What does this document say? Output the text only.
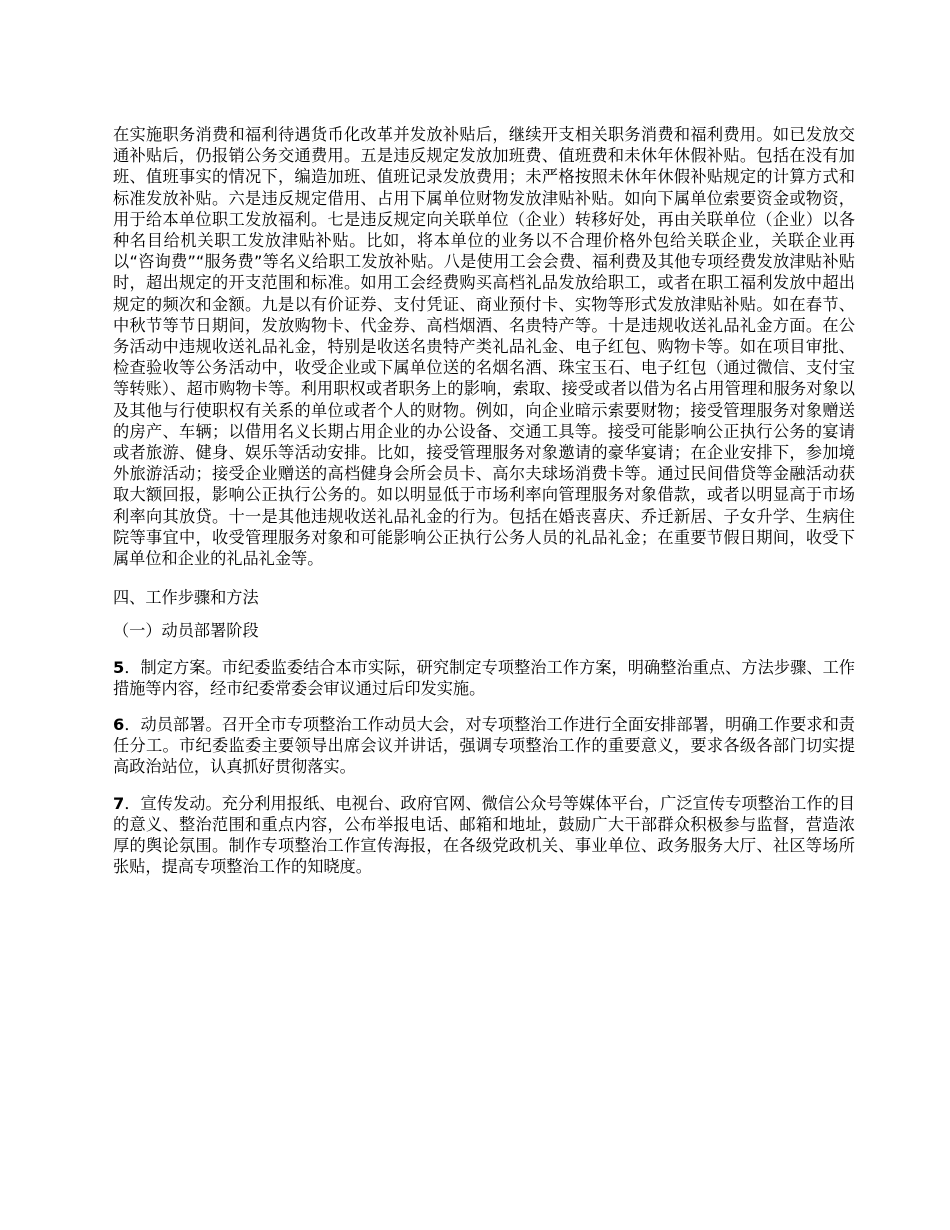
在实施职务消费和福利待遇货币化改革并发放补贴后，继续开支相关职务消费和福利费用。如已发放交通补贴后，仍报销公务交通费用。五是违反规定发放加班费、值班费和未休年休假补贴。包括在没有加班、值班事实的情况下，编造加班、值班记录发放费用；未严格按照未休年休假补贴规定的计算方式和标准发放补贴。六是违反规定借用、占用下属单位财物发放津贴补贴。如向下属单位索要资金或物资，用于给本单位职工发放福利。七是违反规定向关联单位（企业）转移好处，再由关联单位（企业）以各种名目给机关职工发放津贴补贴。比如，将本单位的业务以不合理价格外包给关联企业，关联企业再以“咨询费”“服务费”等名义给职工发放补贴。八是使用工会会费、福利费及其他专项经费发放津贴补贴时，超出规定的开支范围和标准。如用工会经费购买高档礼品发放给职工，或者在职工福利发放中超出规定的频次和金额。九是以有价证券、支付凭证、商业预付卡、实物等形式发放津贴补贴。如在春节、中秋节等节日期间，发放购物卡、代金券、高档烟酒、名贵特产等。十是违规收送礼品礼金方面。在公务活动中违规收送礼品礼金，特别是收送名贵特产类礼品礼金、电子红包、购物卡等。如在项目审批、检查验收等公务活动中，收受企业或下属单位送的名烟名酒、珠宝玉石、电子红包（通过微信、支付宝等转账）、超市购物卡等。利用职权或者职务上的影响，索取、接受或者以借为名占用管理和服务对象以及其他与行使职权有关系的单位或者个人的财物。例如，向企业暗示索要财物；接受管理服务对象赠送的房产、车辆；以借用名义长期占用企业的办公设备、交通工具等。接受可能影响公正执行公务的宴请或者旅游、健身、娱乐等活动安排。比如，接受管理服务对象邀请的豪华宴请；在企业安排下，参加境外旅游活动；接受企业赠送的高档健身会所会员卡、高尔夫球场消费卡等。通过民间借贷等金融活动获取大额回报，影响公正执行公务的。如以明显低于市场利率向管理服务对象借款，或者以明显高于市场利率向其放贷。十一是其他违规收送礼品礼金的行为。包括在婚丧喜庆、乔迁新居、子女升学、生病住院等事宜中，收受管理服务对象和可能影响公正执行公务人员的礼品礼金；在重要节假日期间，收受下属单位和企业的礼品礼金等。

四、工作步骤和方法

（一）动员部署阶段

5．制定方案。市纪委监委结合本市实际，研究制定专项整治工作方案，明确整治重点、方法步骤、工作措施等内容，经市纪委常委会审议通过后印发实施。

6．动员部署。召开全市专项整治工作动员大会，对专项整治工作进行全面安排部署，明确工作要求和责任分工。市纪委监委主要领导出席会议并讲话，强调专项整治工作的重要意义，要求各级各部门切实提高政治站位，认真抓好贯彻落实。

7．宣传发动。充分利用报纸、电视台、政府官网、微信公众号等媒体平台，广泛宣传专项整治工作的目的意义、整治范围和重点内容，公布举报电话、邮箱和地址，鼓励广大干部群众积极参与监督，营造浓厚的舆论氛围。制作专项整治工作宣传海报，在各级党政机关、事业单位、政务服务大厅、社区等场所张贴，提高专项整治工作的知晓度。
